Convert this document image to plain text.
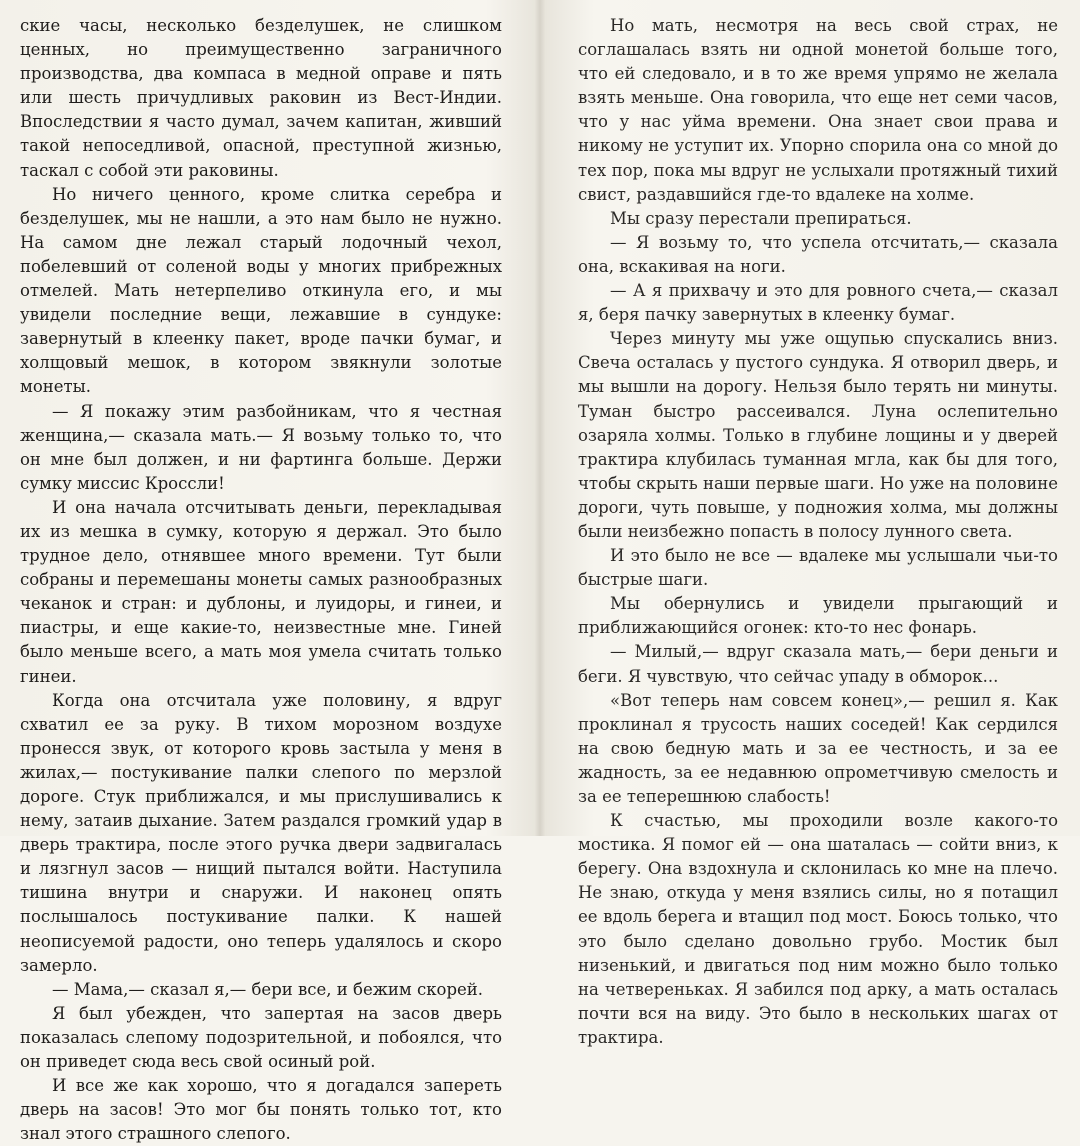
ские часы, несколько безделушек, не слишком ценных, но преимущественно заграничного производства, два компаса в медной оправе и пять или шесть причудливых раковин из Вест-Индии. Впоследствии я часто думал, зачем капитан, живший такой непоседливой, опасной, преступной жизнью, таскал с собой эти раковины.

Но ничего ценного, кроме слитка серебра и безделушек, мы не нашли, а это нам было не нужно. На самом дне лежал старый лодочный чехол, побелевший от соленой воды у многих прибрежных отмелей. Мать нетерпеливо откинула его, и мы увидели последние вещи, лежавшие в сундуке: завернутый в клеенку пакет, вроде пачки бумаг, и холщовый мешок, в котором звякнули золотые монеты.

— Я покажу этим разбойникам, что я честная женщина,— сказала мать.— Я возьму только то, что он мне был должен, и ни фартинга больше. Держи сумку миссис Кроссли!

И она начала отсчитывать деньги, перекладывая их из мешка в сумку, которую я держал. Это было трудное дело, отнявшее много времени. Тут были собраны и перемешаны монеты самых разнообразных чеканок и стран: и дублоны, и луидоры, и гинеи, и пиастры, и еще какие-то, неизвестные мне. Гиней было меньше всего, а мать моя умела считать только гинеи.

Когда она отсчитала уже половину, я вдруг схватил ее за руку. В тихом морозном воздухе пронесся звук, от которого кровь застыла у меня в жилах,— постукивание палки слепого по мерзлой дороге. Стук приближался, и мы прислушивались к нему, затаив дыхание. Затем раздался громкий удар в дверь трактира, после этого ручка двери задвигалась и лязгнул засов — нищий пытался войти. Наступила тишина внутри и снаружи. И наконец опять послышалось постукивание палки. К нашей неописуемой радости, оно теперь удалялось и скоро замерло.

— Мама,— сказал я,— бери все, и бежим скорей.

Я был убежден, что запертая на засов дверь показалась слепому подозрительной, и побоялся, что он приведет сюда весь свой осиный рой.

И все же как хорошо, что я догадался запереть дверь на засов! Это мог бы понять только тот, кто знал этого страшного слепого.

Но мать, несмотря на весь свой страх, не соглашалась взять ни одной монетой больше того, что ей следовало, и в то же время упрямо не желала взять меньше. Она говорила, что еще нет семи часов, что у нас уйма времени. Она знает свои права и никому не уступит их. Упорно спорила она со мной до тех пор, пока мы вдруг не услыхали протяжный тихий свист, раздавшийся где-то вдалеке на холме.

Мы сразу перестали препираться.

— Я возьму то, что успела отсчитать,— сказала она, вскакивая на ноги.

— А я прихвачу и это для ровного счета,— сказал я, беря пачку завернутых в клеенку бумаг.

Через минуту мы уже ощупью спускались вниз. Свеча осталась у пустого сундука. Я отворил дверь, и мы вышли на дорогу. Нельзя было терять ни минуты. Туман быстро рассеивался. Луна ослепительно озаряла холмы. Только в глубине лощины и у дверей трактира клубилась туманная мгла, как бы для того, чтобы скрыть наши первые шаги. Но уже на половине дороги, чуть повыше, у подножия холма, мы должны были неизбежно попасть в полосу лунного света.

И это было не все — вдалеке мы услышали чьи-то быстрые шаги.

Мы обернулись и увидели прыгающий и приближающийся огонек: кто-то нес фонарь.

— Милый,— вдруг сказала мать,— бери деньги и беги. Я чувствую, что сейчас упаду в обморок...

«Вот теперь нам совсем конец»,— решил я. Как проклинал я трусость наших соседей! Как сердился на свою бедную мать и за ее честность, и за ее жадность, за ее недавнюю опрометчивую смелость и за ее теперешнюю слабость!

К счастью, мы проходили возле какого-то мостика. Я помог ей — она шаталась — сойти вниз, к берегу. Она вздохнула и склонилась ко мне на плечо. Не знаю, откуда у меня взялись силы, но я потащил ее вдоль берега и втащил под мост. Боюсь только, что это было сделано довольно грубо. Мостик был низенький, и двигаться под ним можно было только на четвереньках. Я забился под арку, а мать осталась почти вся на виду. Это было в нескольких шагах от трактира.
